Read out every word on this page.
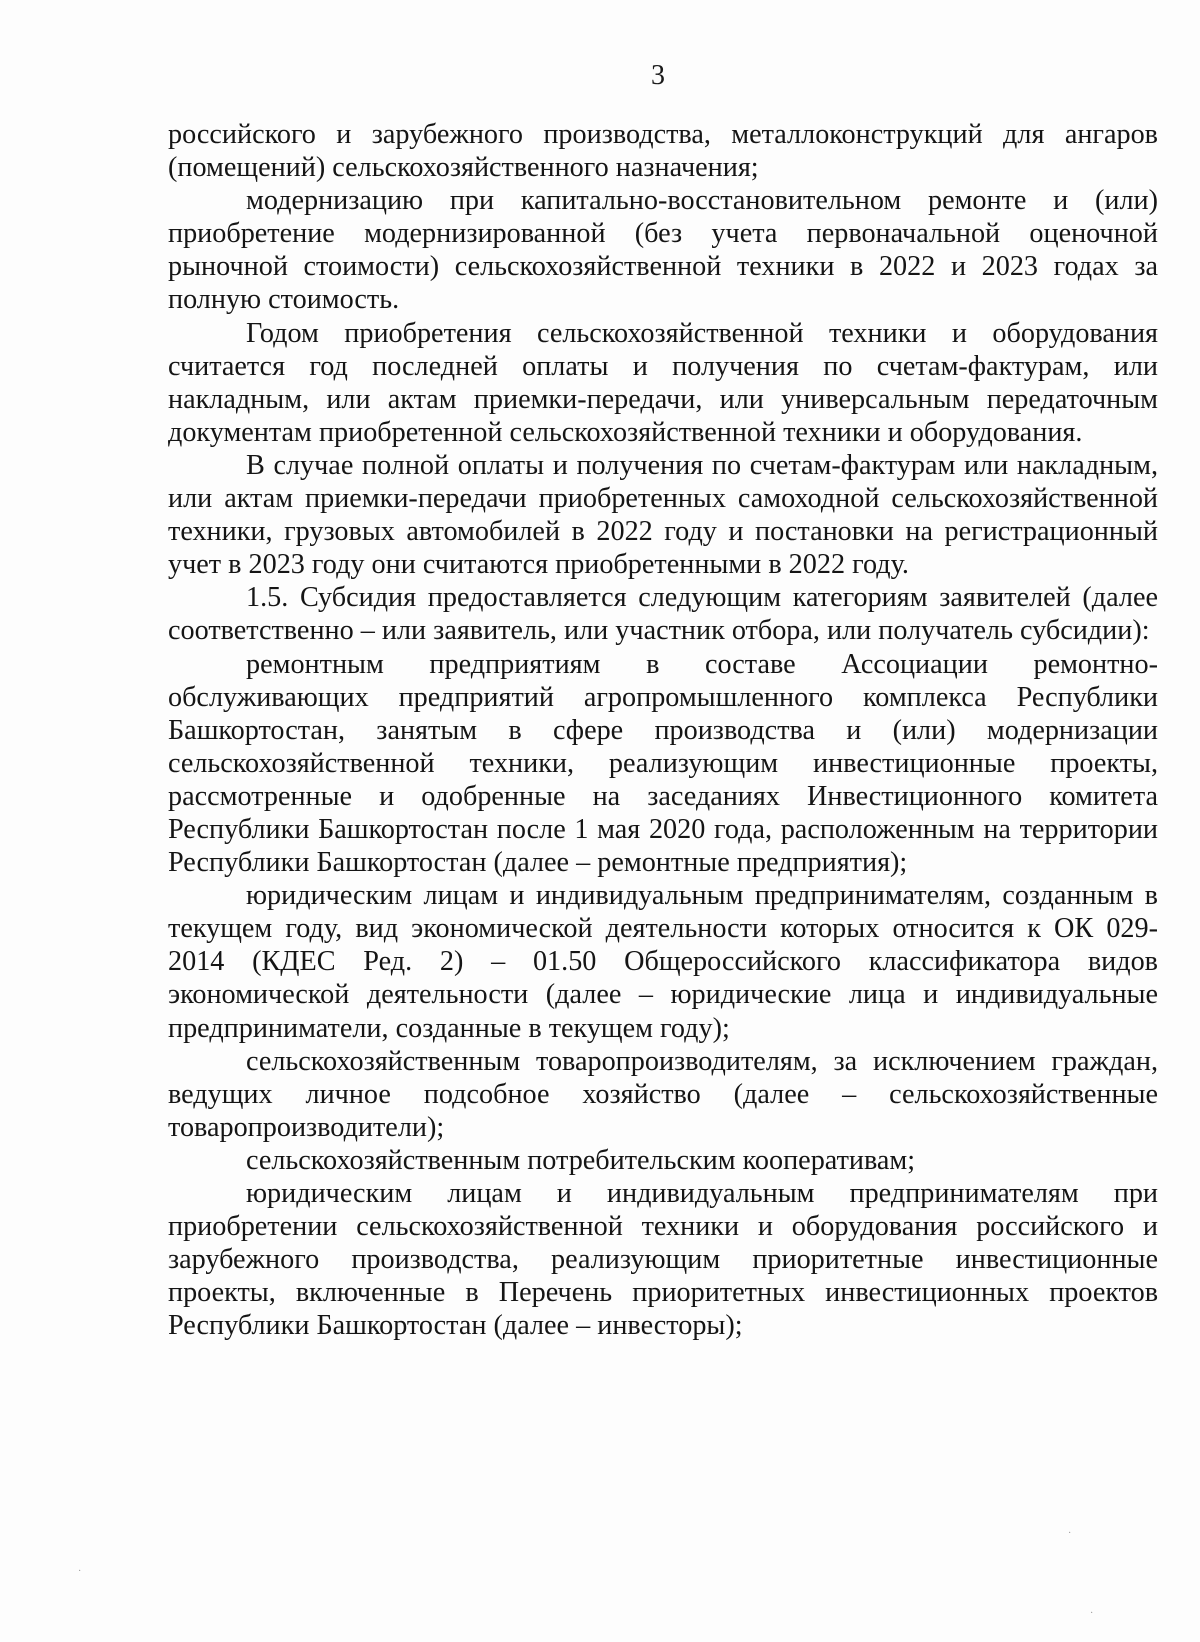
3

российского и зарубежного производства, металлоконструкций для ангаров (помещений) сельскохозяйственного назначения;

модернизацию при капитально-восстановительном ремонте и (или) приобретение модернизированной (без учета первоначальной оценочной рыночной стоимости) сельскохозяйственной техники в 2022 и 2023 годах за полную стоимость.

Годом приобретения сельскохозяйственной техники и оборудования считается год последней оплаты и получения по счетам-фактурам, или накладным, или актам приемки-передачи, или универсальным передаточным документам приобретенной сельскохозяйственной техники и оборудования.

В случае полной оплаты и получения по счетам-фактурам или накладным, или актам приемки-передачи приобретенных самоходной сельскохозяйственной техники, грузовых автомобилей в 2022 году и постановки на регистрационный учет в 2023 году они считаются приобретенными в 2022 году.

1.5. Субсидия предоставляется следующим категориям заявителей (далее соответственно – или заявитель, или участник отбора, или получатель субсидии):

ремонтным предприятиям в составе Ассоциации ремонтно-обслуживающих предприятий агропромышленного комплекса Республики Башкортостан, занятым в сфере производства и (или) модернизации сельскохозяйственной техники, реализующим инвестиционные проекты, рассмотренные и одобренные на заседаниях Инвестиционного комитета Республики Башкортостан после 1 мая 2020 года, расположенным на территории Республики Башкортостан (далее – ремонтные предприятия);

юридическим лицам и индивидуальным предпринимателям, созданным в текущем году, вид экономической деятельности которых относится к ОК 029-2014 (КДЕС Ред. 2) – 01.50 Общероссийского классификатора видов экономической деятельности (далее – юридические лица и индивидуальные предприниматели, созданные в текущем году);

сельскохозяйственным товаропроизводителям, за исключением граждан, ведущих личное подсобное хозяйство (далее – сельскохозяйственные товаропроизводители);

сельскохозяйственным потребительским кооперативам;

юридическим лицам и индивидуальным предпринимателям при приобретении сельскохозяйственной техники и оборудования российского и зарубежного производства, реализующим приоритетные инвестиционные проекты, включенные в Перечень приоритетных инвестиционных проектов Республики Башкортостан (далее – инвесторы);

·
·
·
